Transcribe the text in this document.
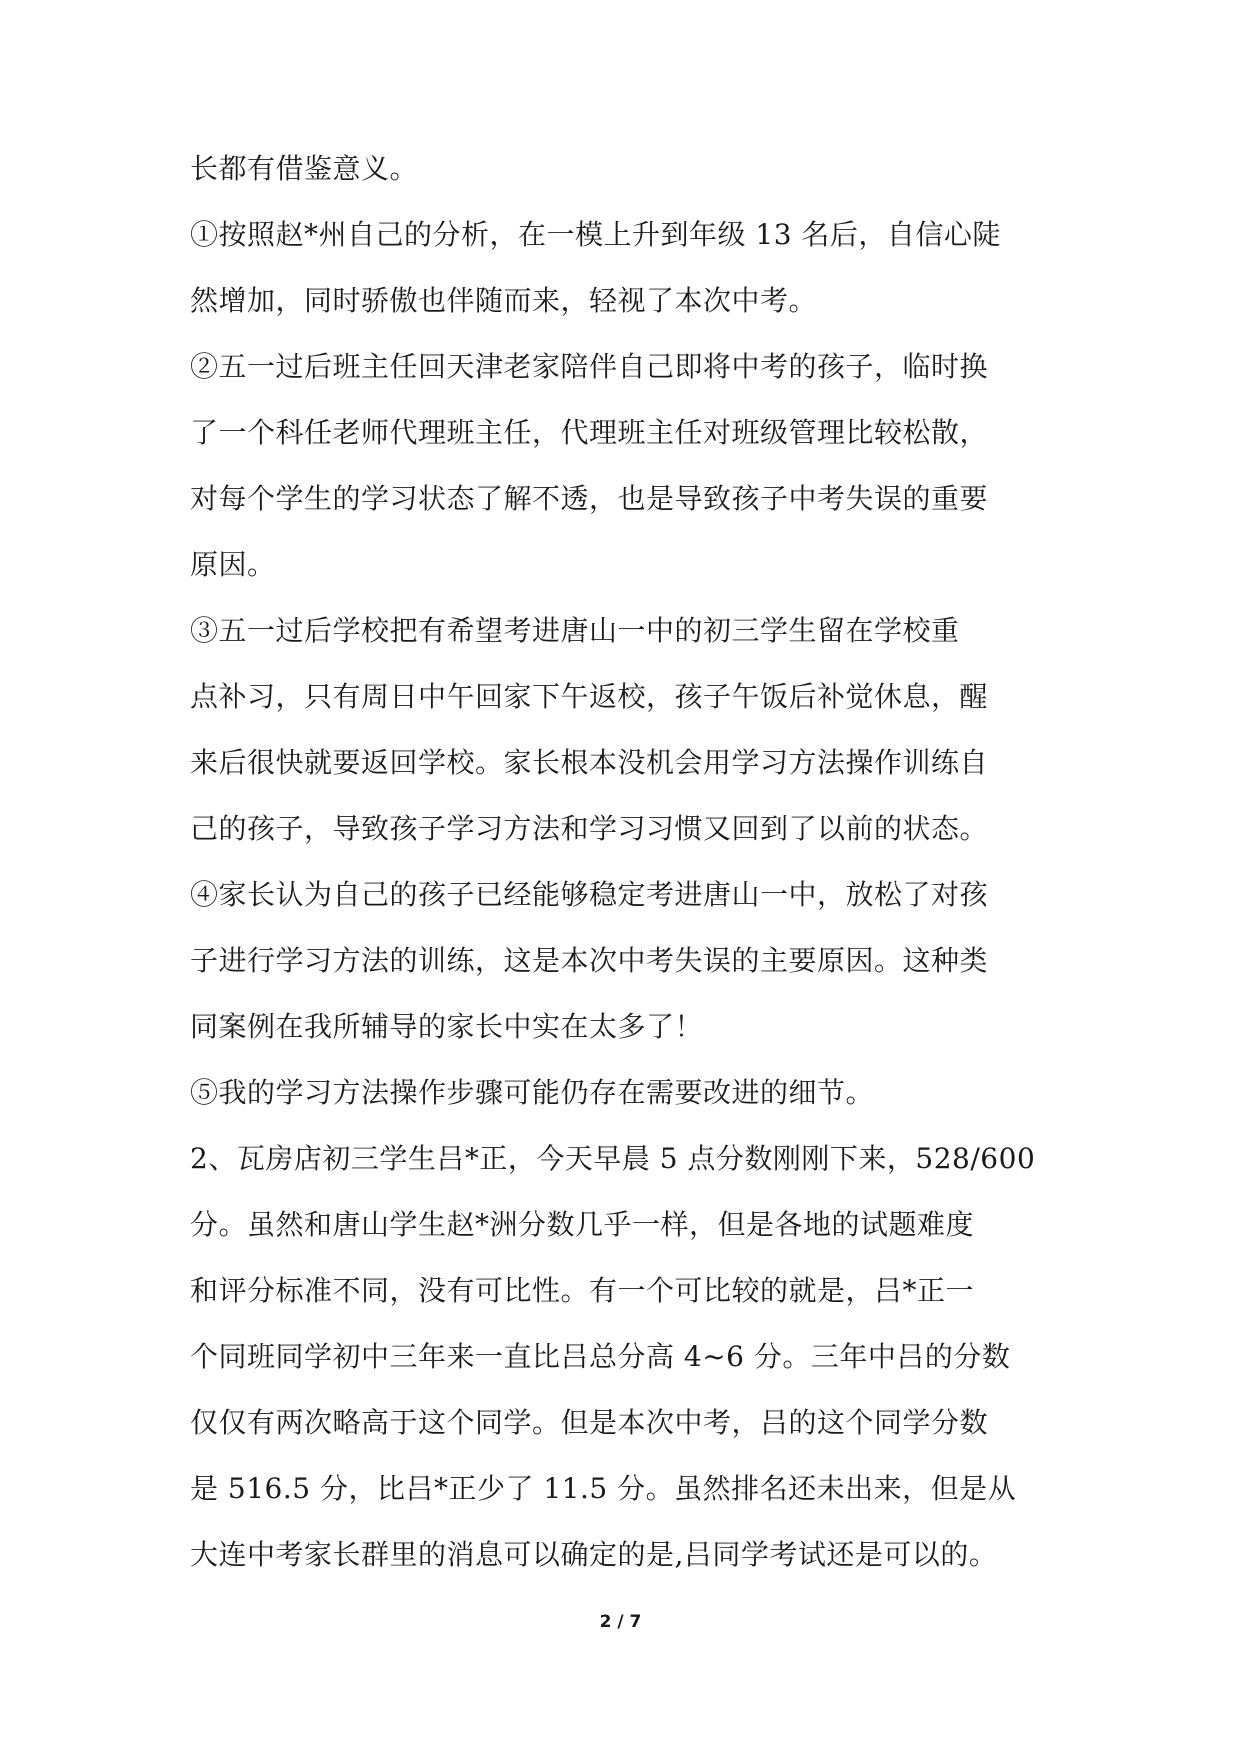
长都有借鉴意义。
①按照赵*州自己的分析，在一模上升到年级 13 名后，自信心陡
然增加，同时骄傲也伴随而来，轻视了本次中考。
②五一过后班主任回天津老家陪伴自己即将中考的孩子，临时换
了一个科任老师代理班主任，代理班主任对班级管理比较松散，
对每个学生的学习状态了解不透，也是导致孩子中考失误的重要
原因。
③五一过后学校把有希望考进唐山一中的初三学生留在学校重
点补习，只有周日中午回家下午返校，孩子午饭后补觉休息，醒
来后很快就要返回学校。家长根本没机会用学习方法操作训练自
己的孩子，导致孩子学习方法和学习习惯又回到了以前的状态。
④家长认为自己的孩子已经能够稳定考进唐山一中，放松了对孩
子进行学习方法的训练，这是本次中考失误的主要原因。这种类
同案例在我所辅导的家长中实在太多了！
⑤我的学习方法操作步骤可能仍存在需要改进的细节。
2、瓦房店初三学生吕*正，今天早晨 5 点分数刚刚下来，528/600
分。虽然和唐山学生赵*洲分数几乎一样，但是各地的试题难度
和评分标准不同，没有可比性。有一个可比较的就是，吕*正一
个同班同学初中三年来一直比吕总分高 4~6 分。三年中吕的分数
仅仅有两次略高于这个同学。但是本次中考，吕的这个同学分数
是 516.5 分，比吕*正少了 11.5 分。虽然排名还未出来，但是从
大连中考家长群里的消息可以确定的是,吕同学考试还是可以的。
2 / 7
